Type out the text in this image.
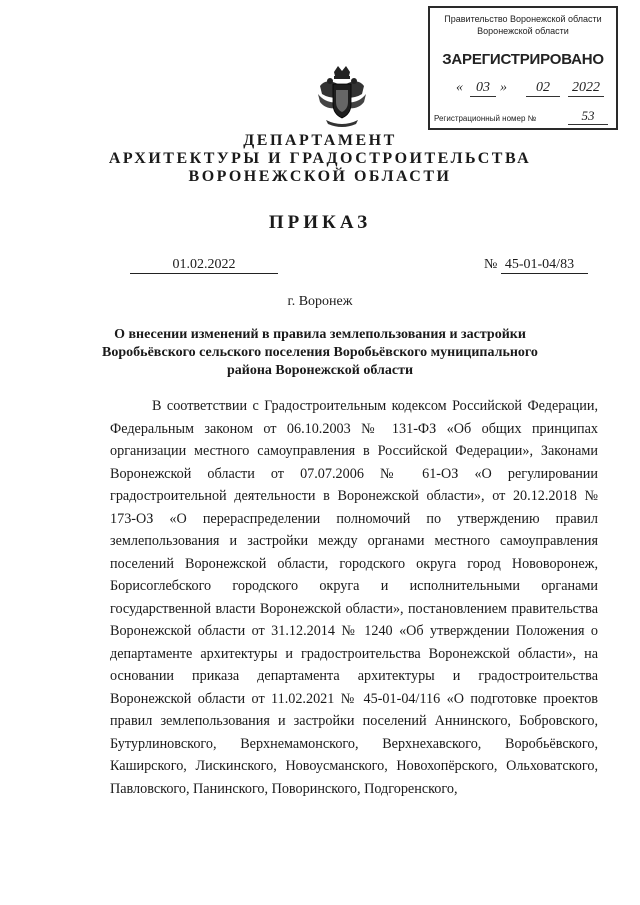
Правительство Воронежской области
Воронежской области
ЗАРЕГИСТРИРОВАНО
« 03 »	02	2022
Регистрационный номер №	53
ДЕПАРТАМЕНТ
АРХИТЕКТУРЫ И ГРАДОСТРОИТЕЛЬСТВА
ВОРОНЕЖСКОЙ ОБЛАСТИ
ПРИКАЗ
01.02.2022	№ 45-01-04/83
г. Воронеж
О внесении изменений в правила землепользования и застройки Воробьёвского сельского поселения Воробьёвского муниципального района Воронежской области
В соответствии с Градостроительным кодексом Российской Федерации, Федеральным законом от 06.10.2003 № 131-ФЗ «Об общих принципах организации местного самоуправления в Российской Федерации», Законами Воронежской области от 07.07.2006 № 61-ОЗ «О регулировании градостроительной деятельности в Воронежской области», от 20.12.2018 № 173-ОЗ «О перераспределении полномочий по утверждению правил землепользования и застройки между органами местного самоуправления поселений Воронежской области, городского округа город Нововоронеж, Борисоглебского городского округа и исполнительными органами государственной власти Воронежской области», постановлением правительства Воронежской области от 31.12.2014 № 1240 «Об утверждении Положения о департаменте архитектуры и градостроительства Воронежской области», на основании приказа департамента архитектуры и градостроительства Воронежской области от 11.02.2021 № 45-01-04/116 «О подготовке проектов правил землепользования и застройки поселений Аннинского, Бобровского, Бутурлиновского, Верхнемамонского, Верхнехавского, Воробьёвского, Каширского, Лискинского, Новоусманского, Новохопёрского, Ольховатского, Павловского, Панинского, Поворинского, Подгоренского,
